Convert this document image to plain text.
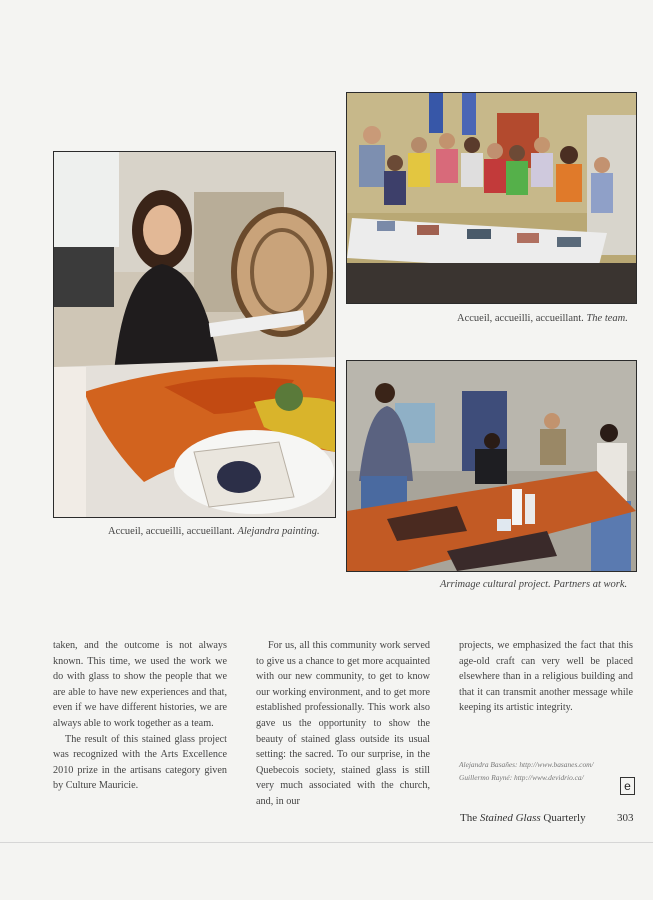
Accueil, accueilli, accueillant. Alejandra painting.

Accueil, accueilli, accueillant. The team.

Arrimage cultural project. Partners at work.

taken, and the outcome is not always known. This time, we used the work we do with glass to show the people that we are able to have new experiences and that, even if we have different histories, we are always able to work together as a team.

The result of this stained glass project was recognized with the Arts Excellence 2010 prize in the artisans category given by Culture Mauricie.

For us, all this community work served to give us a chance to get more acquainted with our new community, to get to know our working environment, and to get more established professionally. This work also gave us the opportunity to show the beauty of stained glass outside its usual setting: the sacred. To our surprise, in the Quebecois society, stained glass is still very much associated with the church, and, in our

projects, we emphasized the fact that this age-old craft can very well be placed elsewhere than in a religious building and that it can transmit another message while keeping its artistic integrity.

Alejandra Basañes: http://www.basanes.com/
Guillermo Rayné: http://www.devidrio.ca/
e
The Stained Glass Quarterly	303
